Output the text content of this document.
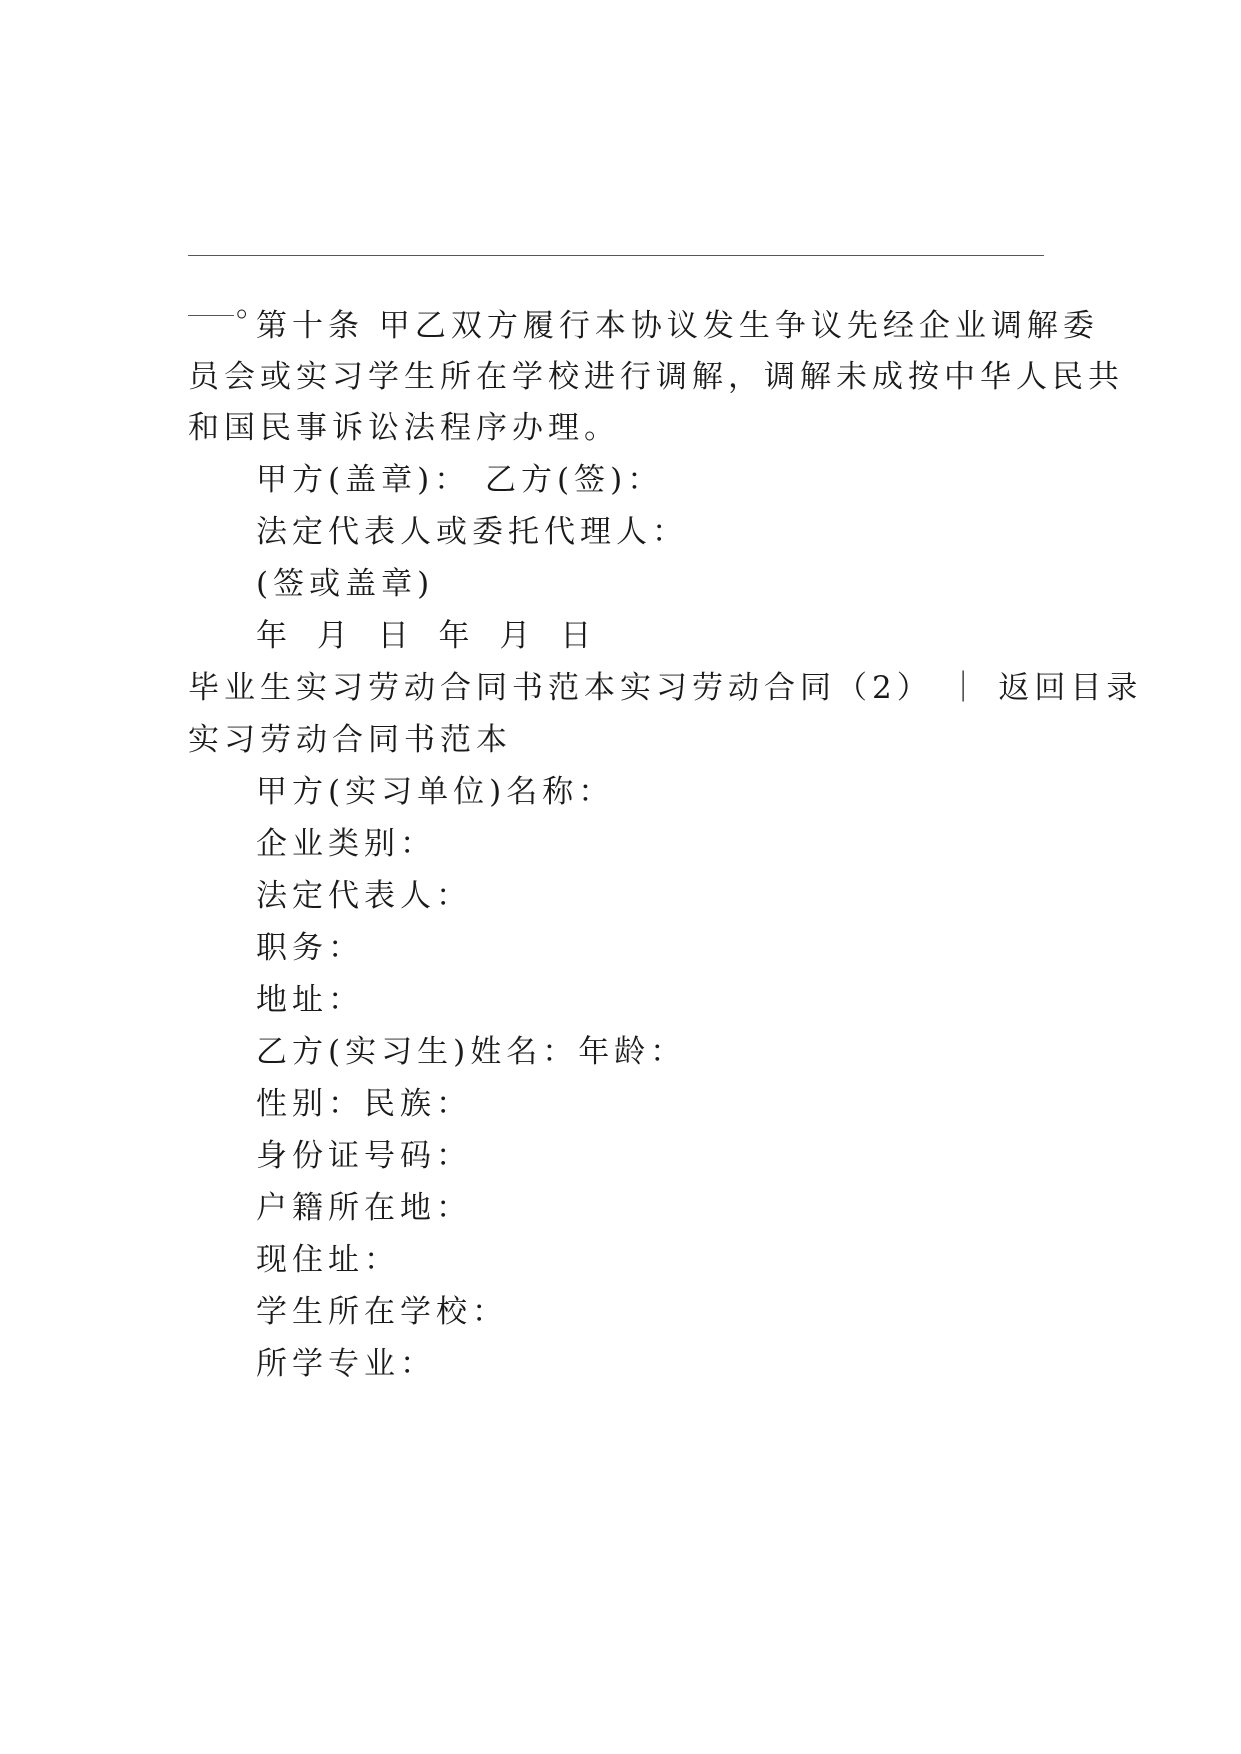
。
第十条 甲乙双方履行本协议发生争议先经企业调解委
员会或实习学生所在学校进行调解，调解未成按中华人民共
和国民事诉讼法程序办理。
甲方(盖章)： 乙方(签)：
法定代表人或委托代理人：
(签或盖章)
年 月 日 年 月 日
毕业生实习劳动合同书范本实习劳动合同（2） ｜ 返回目录
实习劳动合同书范本
甲方(实习单位)名称：
企业类别：
法定代表人：
职务：
地址：
乙方(实习生)姓名：年龄：
性别：民族：
身份证号码：
户籍所在地：
现住址：
学生所在学校：
所学专业：
